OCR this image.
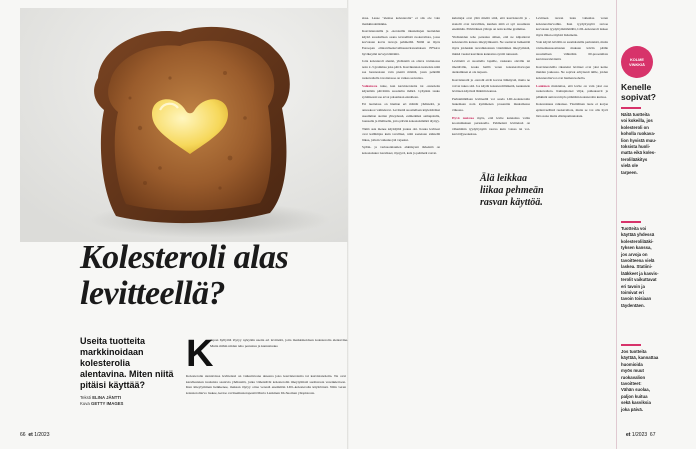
Kolesteroli alas
levitteellä?

Useita tuotteita markkinoidaan kolesterolia alentavina. Miten niitä pitäisi käyttää?

Teksti ELINA JÄNTTI
Kuva GETTY IMAGES
K
aupan hyllyiltä löytyy nykyään useita eri levitteitä, joita markkinoidaan kolesterolia alentavina. Mutta mihin niiden teho perustuu ja kannattaako
Kolesterolia alentavissa levitteissä on vaikuttavana aineena joko kasvisteroleita tai kasvistanoleita. Ne ovat kasvikunnan tuotteista saatavia yhdisteitä, jotka vähentävät kolesterolin imeytymistä suolistosta verenkiertoon. Kun imeytyminen heikkenee, maksan täytyy ottaa verestä enemmän LDL-kolesterolia käyttöönsä. Näin veren kolesteroliarvo laskee, kertoo ravitsemusterapeutti Marta Lankinen Itä-Suomen yliopistosta.
66 et 1/2023

sissa. Lause "alentaa kolesterolia" ei siis ole vain markkinointikikka.

Kasvistanoleilla ja -steroleilla rikastettujen tuotteiden käyttö suositellaan osana terveellistä ruokavaliota, jossa korvataan kovia rasvoja pehmeillä. Niillä on myös Euroopan elintarviketurvallisuusviranomaisen EFSA:n hyväksymä terveysväittämä.

Jotta kolesteroli alenisi, yhdisteitä on oltava ravinnossa noin 2–3 grammaa joka päivä. Kasvikunnan tuotteista niitä saa luonnostaan vain pieniä määriä, joten pelkällä ruokavaliolla tavoitetasoa on vaikea saavuttaa.

Vaikutusta tulee, kun kasvisteroleita tai -stanoleita käytetään päivittäin suositeltu määrä. Lyhytkin tauko syömisessä saa arvot palaamaan ennalleen.

Eri tuotteissa on hieman eri määrät yhdisteitä, ja annoskoot vaihtelevat. Levitteitä suositellaan käytettäväksi useamman aterian yhteydessä, esimerkiksi aamupalalla, lounaalla ja illallisella, jotta päivän kokonaismäärä täyttyy.

Tämä asia menee käyttäjiltä joskus ohi. Koska levitteet ovat kalliimpia kuin tavalliset, niitä saatetaan säästellä liikaa, jolloin vaikutus jää vajaaksi.

Sydän- ja verisuonitautien ehkäisyssä tärkeintä on kokonaisuus: kasvikset, täysjyvä, kala ja pehmeät rasvat.

kuluttajat ovat yhtä mieltä siitä, että kasvisterolit ja -stanolit ovat turvallisia, kunhan niitä ei syö suositusta enemmän. Päivittäinen yläraja on noin kolme grammaa.

Yhdisteiden teho perustuu siihen, että ne kilpailevat kolesterolin kanssa imeytymisestä. Ne saattavat heikentää myös joidenkin rasvaliukoisten vitamiinien imeytymistä, minkä vuoksi kasviksia kannattaa syödä runsaasti.

Levitteitä ei suositella lapsille, raskaana oleville tai imettäville, koska heillä veren kolesteroliarvojen alentaminen ei ole tarpeen.

Kasvistanolit ja -sterolit eivät korvaa lääkitystä, mutta ne voivat tukea sitä. Jos käytät kolesterolilääkettä, keskustele levitteen käytöstä lääkärin kanssa.

Parhaimmillaan levitteellä voi saada LDL-kolesterolin laskemaan noin kymmenen prosenttia muutamassa viikossa.

Hyvä muistaa myös, että levite kannattaa valita koostumuksen perusteella. Pehmeissä levitteissä on vähemmän tyydyttynyttä rasvaa kuin voissa tai voi-kasviöljyseoksissa.

Levitteen rasvan laatu vaikuttaa veren kolesteroliarvoihin. Kun tyydyttynyttä rasvaa korvataan tyydyttymättömällä, LDL-kolesteroli laskee myös ilman erityisiä lisäaineita.

Voin käyttö leivällä on suomalaisille perinteistä, mutta ravitsemussuositusten mukaan leivän päälle suositellaan vähintään 60-prosenttista kasvirasvalevitettä.

Kasvisteroleilla rikastetut levitteet ovat yksi keino muiden joukossa. Ne sopivat erityisesti niille, joiden kolesteroliarvot ovat hieman koholla.

Lankinen muistuttaa, että levite on vain yksi osa ruokavaliota. Kuitupitoiset viljat, palkokasvit ja pähkinät auttavat myös pitämään kolesterolin kurissa.

Kokonaisuus ratkaisee. Yksittäinen tuote ei korjaa epäterveellistä ruokavaliota, mutta se voi olla hyvä lisä osana muita elintapamuutoksia.

KOLME
VINKKIÄ
Kenelle
sopivat?

Näitä tuotteita
voi kokeilla, jos
kolesteroli on
koholla ruokava-
lion hyvistä muu-
toksista huoli-
matta eikä koles-
terolilääkitys
vielä ole
tarpeen.

Tuotteita voi
käyttää yhdessä
kolesterolilääki-
tyksen kanssa,
jos arvoja on
tavoitteena vielä
laskea. Statiini-
lääkkeet ja kasvis-
terolit vaikuttavat
eri tavoin ja
toimivat eri
tavoin toisiaan
täydentäen.

Jos tuotteita
käyttää, kannattaa
huomioida
myös muut
ruokavalion
tavoitteet:
Vähän suolaa,
paljon kuitua
sekä kasviksia
joka päivä.

et 1/2023 67

Älä leikkaa
liikaa pehmeän
rasvan käyttöä.
